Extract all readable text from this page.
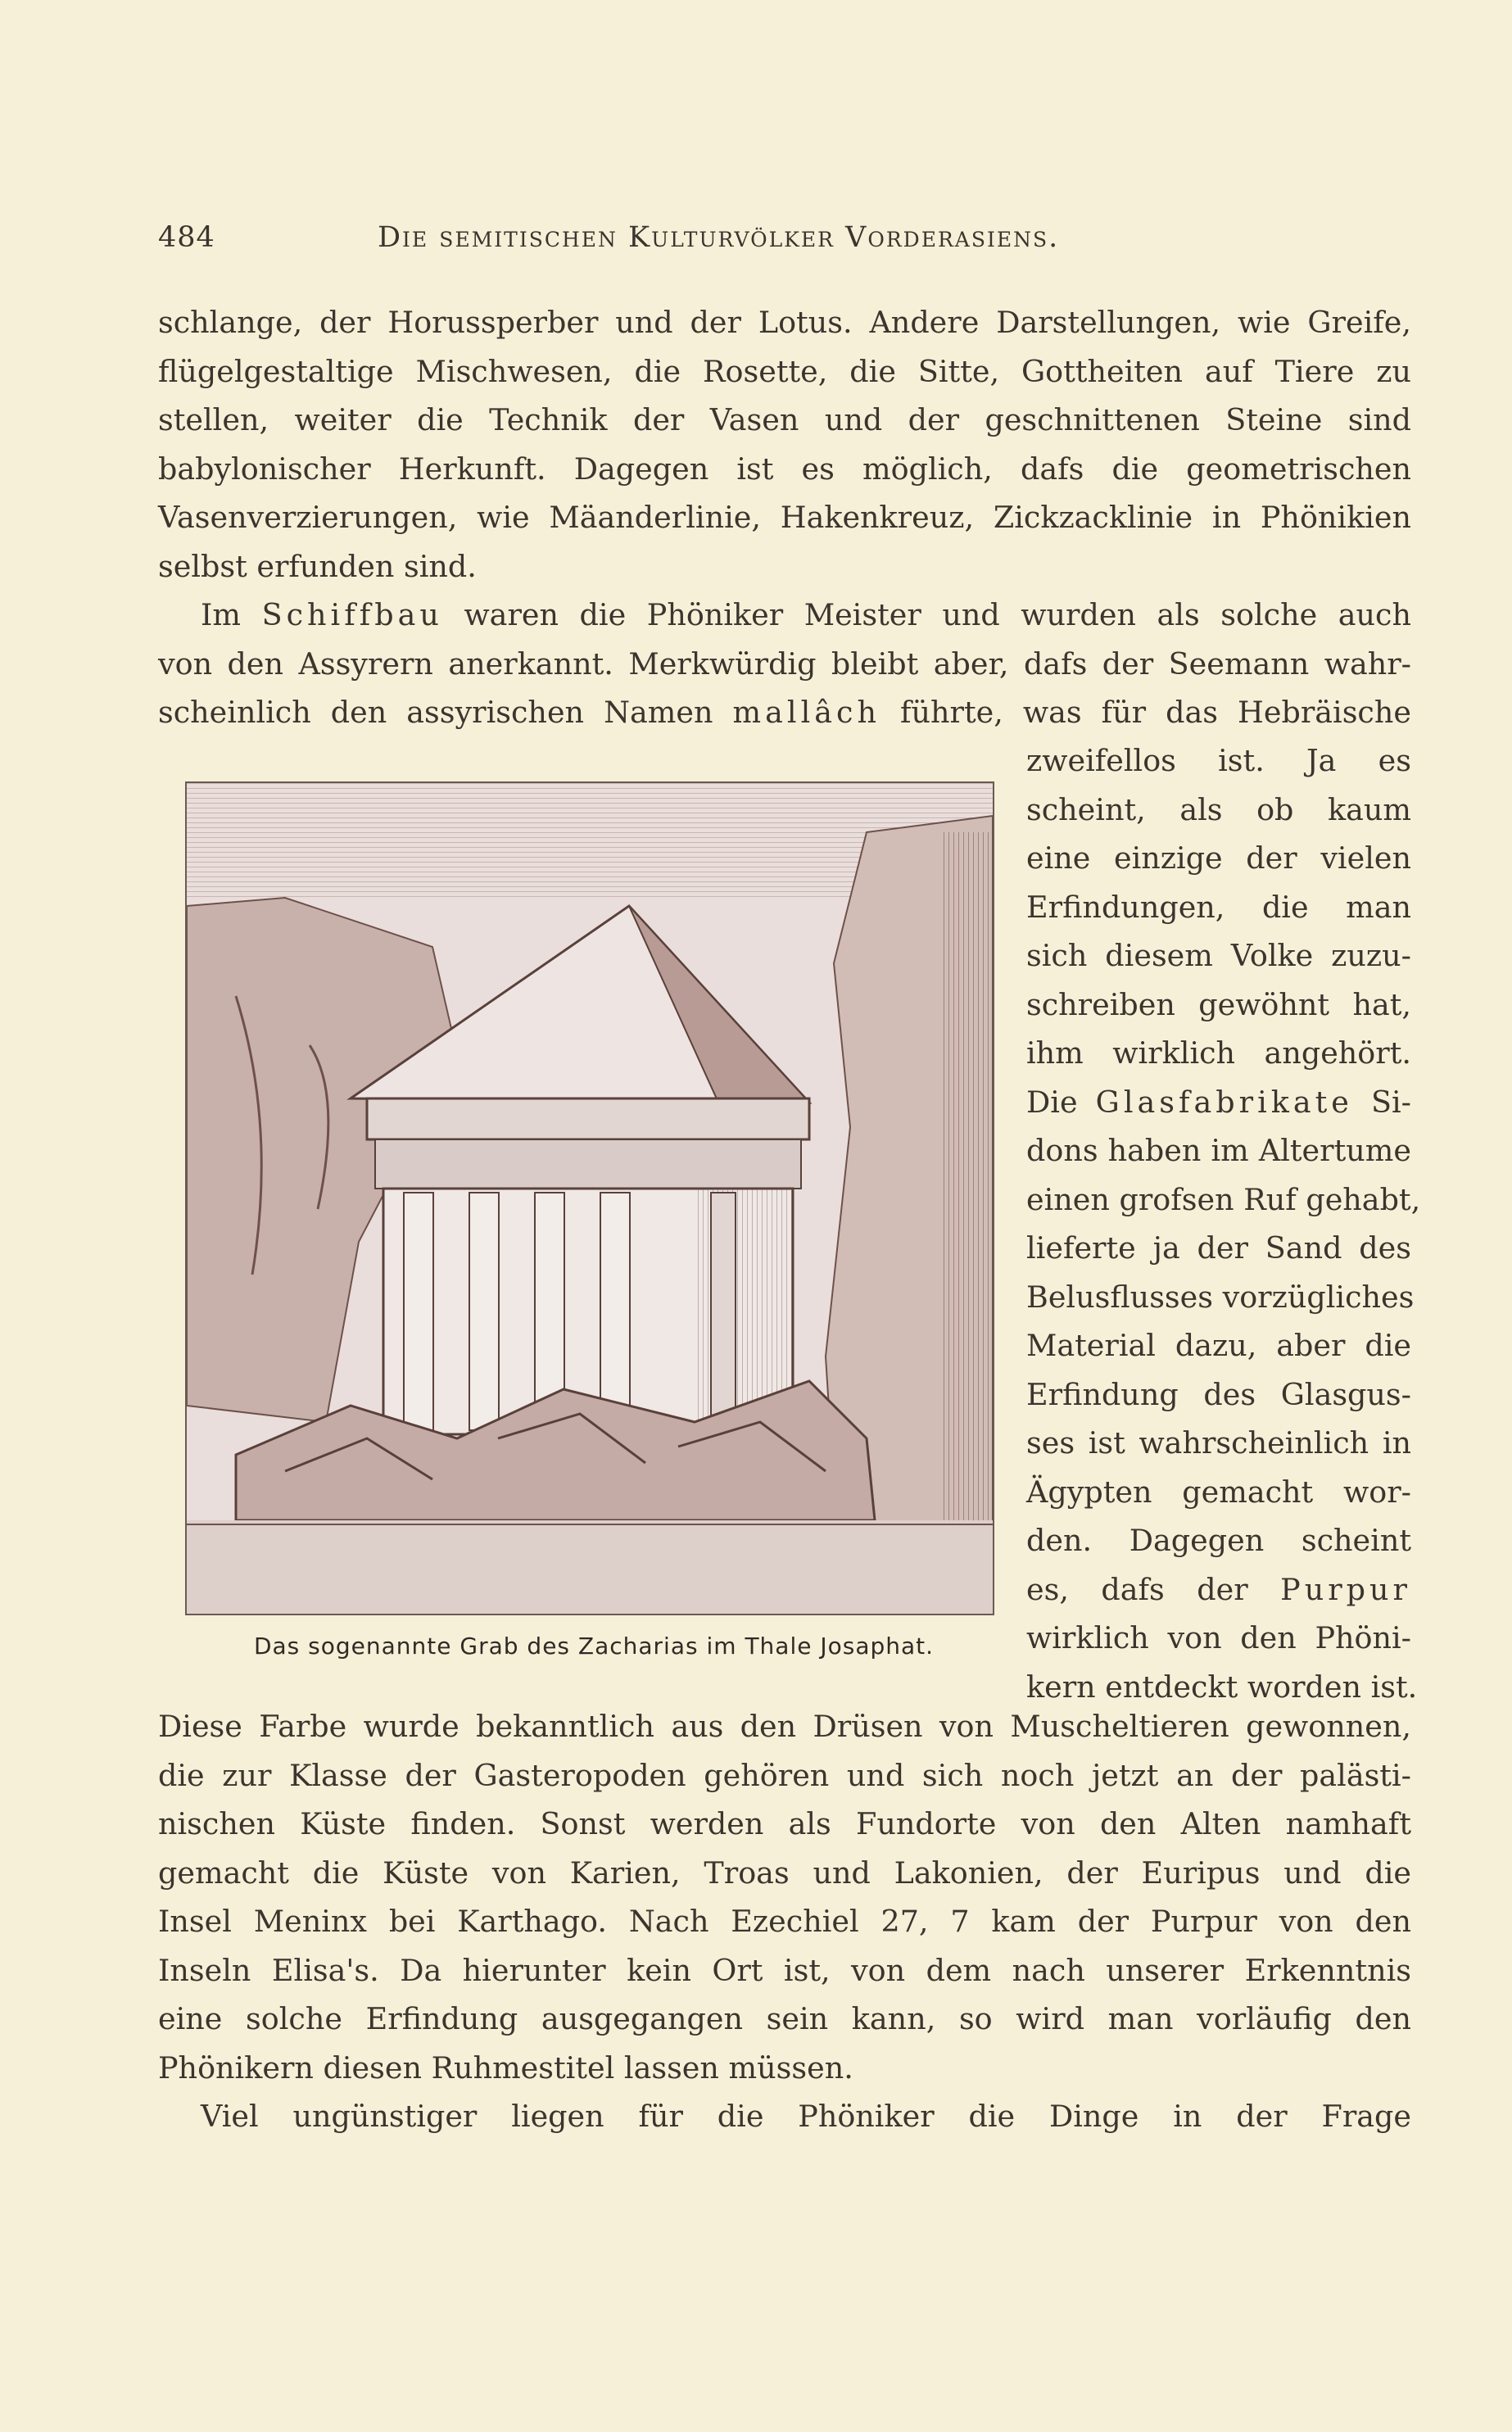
484	Die semitischen Kulturvölker Vorderasiens.
schlange, der Horussperber und der Lotus. Andere Darstellungen, wie Greife,
flügelgestaltige Mischwesen, die Rosette, die Sitte, Gottheiten auf Tiere zu
stellen, weiter die Technik der Vasen und der geschnittenen Steine sind
babylonischer Herkunft. Dagegen ist es möglich, dafs die geometrischen
Vasenverzierungen, wie Mäanderlinie, Hakenkreuz, Zickzacklinie in Phönikien
selbst erfunden sind.
Im Schiffbau waren die Phöniker Meister und wurden als solche auch
von den Assyrern anerkannt. Merkwürdig bleibt aber, dafs der Seemann wahr-
scheinlich den assyrischen Namen mallâch führte, was für das Hebräische
Das sogenannte Grab des Zacharias im Thale Josaphat.
zweifellos ist. Ja es
scheint, als ob kaum
eine einzige der vielen
Erfindungen, die man
sich diesem Volke zuzu-
schreiben gewöhnt hat,
ihm wirklich angehört.
Die Glasfabrikate Si-
dons haben im Altertume
einen grofsen Ruf gehabt,
lieferte ja der Sand des
Belusflusses vorzügliches
Material dazu, aber die
Erfindung des Glasgus-
ses ist wahrscheinlich in
Ägypten gemacht wor-
den. Dagegen scheint
es, dafs der Purpur
wirklich von den Phöni-
kern entdeckt worden ist.
Diese Farbe wurde bekanntlich aus den Drüsen von Muscheltieren gewonnen,
die zur Klasse der Gasteropoden gehören und sich noch jetzt an der palästi-
nischen Küste finden. Sonst werden als Fundorte von den Alten namhaft
gemacht die Küste von Karien, Troas und Lakonien, der Euripus und die
Insel Meninx bei Karthago. Nach Ezechiel 27, 7 kam der Purpur von den
Inseln Elisa's. Da hierunter kein Ort ist, von dem nach unserer Erkenntnis
eine solche Erfindung ausgegangen sein kann, so wird man vorläufig den
Phönikern diesen Ruhmestitel lassen müssen.
Viel ungünstiger liegen für die Phöniker die Dinge in der Frage
